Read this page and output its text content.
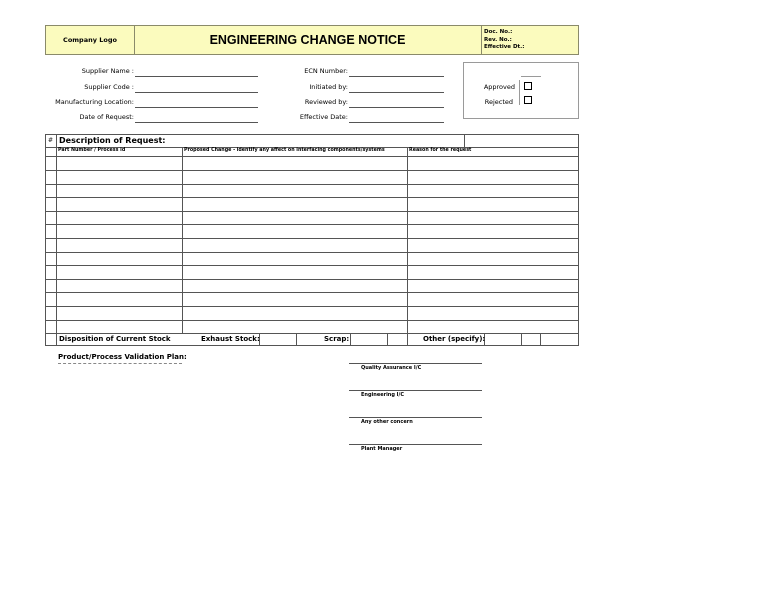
Company Logo	ENGINEERING CHANGE NOTICE
Doc. No.:
Rev. No.:
Effective Dt.:
Supplier Name :
Supplier Code :
Manufacturing Location:
Date of Request:
ECN Number:
Initiated by:
Reviewed by:
Effective Date:
Approved
Rejected
# Description of Request:
Part Number / Process id	Proposed Change - identify any affect on interfacing components/systems	Reason for the request
Disposition of Current Stock	Exhaust Stock:	Scrap:	Other (specify):
Product/Process Validation Plan:
Quality Assurance I/C
Engineering I/C
Any other concern
Plant Manager
